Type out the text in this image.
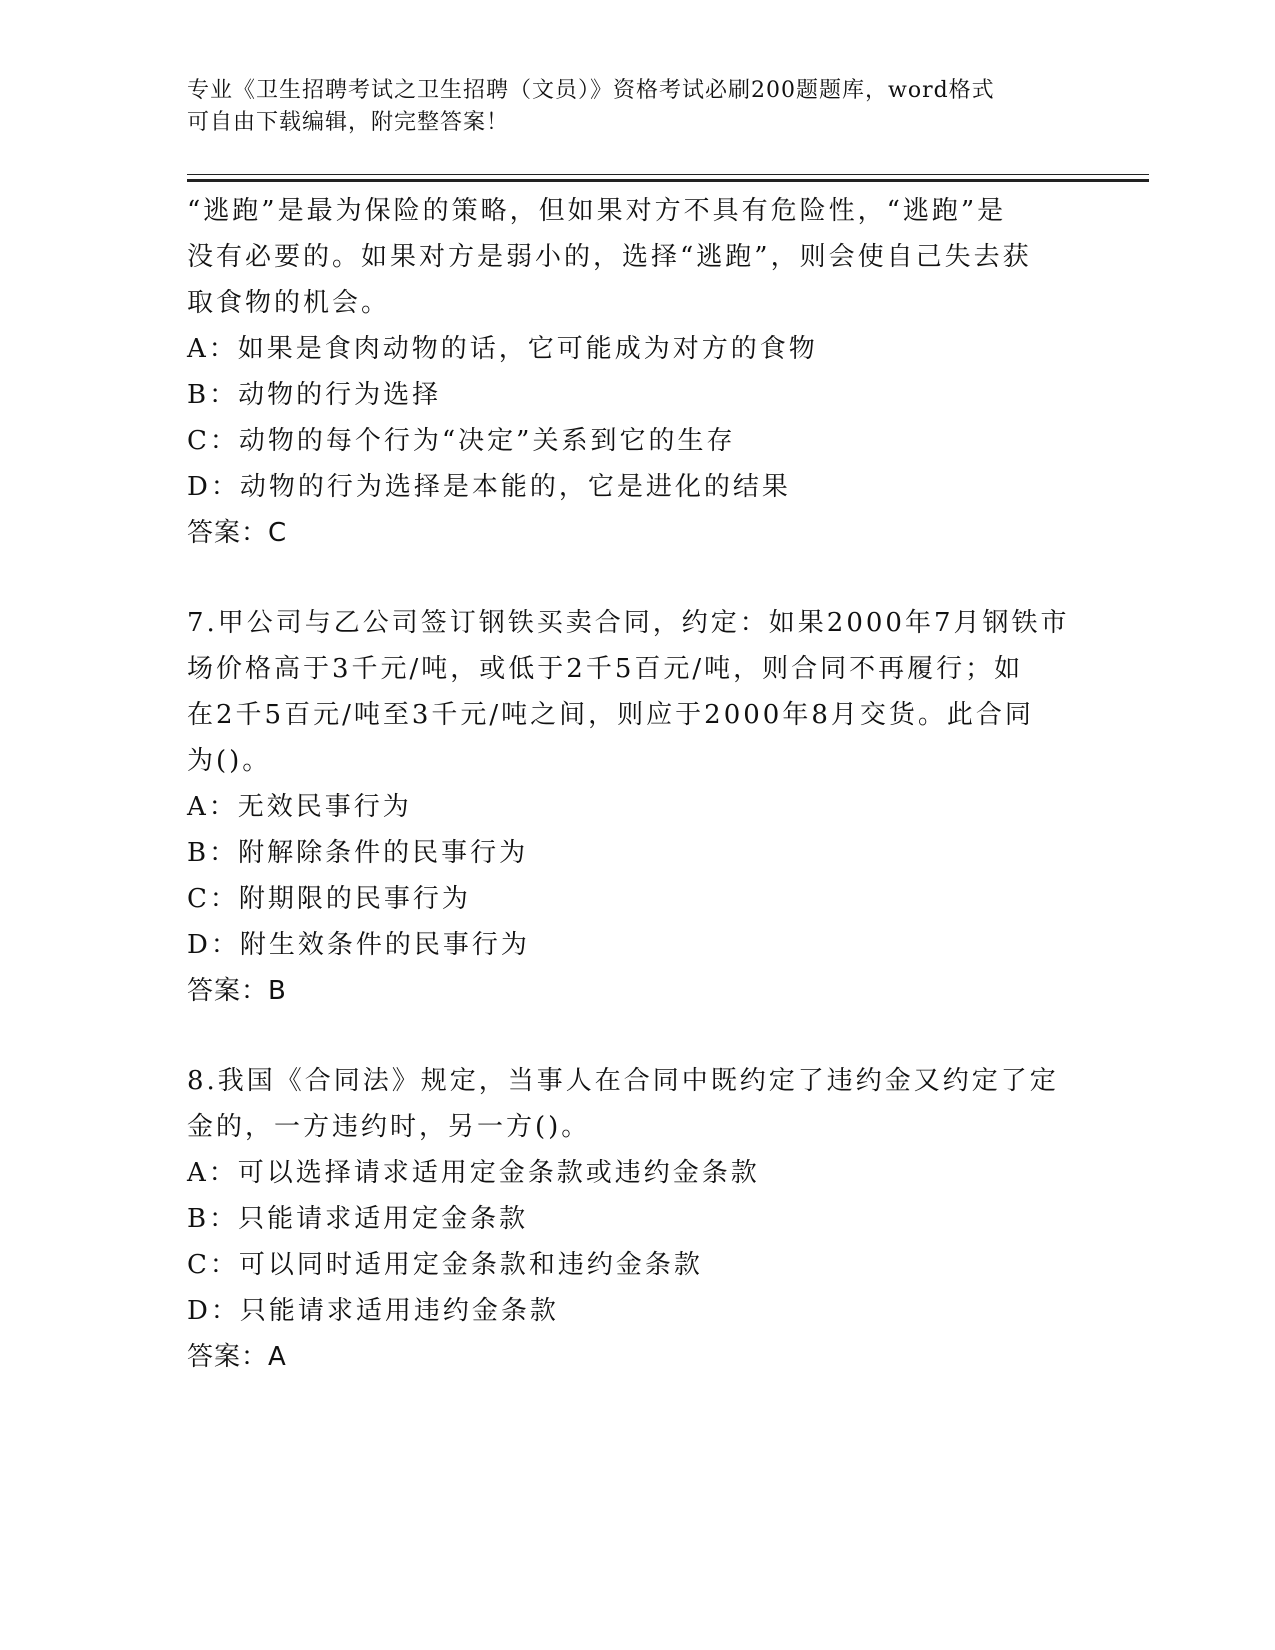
专业《卫生招聘考试之卫生招聘（文员）》资格考试必刷200题题库，word格式
可自由下载编辑，附完整答案！

“逃跑”是最为保险的策略，但如果对方不具有危险性，“逃跑”是

没有必要的。如果对方是弱小的，选择“逃跑”，则会使自己失去获

取食物的机会。

A：如果是食肉动物的话，它可能成为对方的食物

B：动物的行为选择

C：动物的每个行为“决定”关系到它的生存

D：动物的行为选择是本能的，它是进化的结果

答案：C

7.甲公司与乙公司签订钢铁买卖合同，约定：如果2000年7月钢铁市

场价格高于3千元/吨，或低于2千5百元/吨，则合同不再履行；如

在2千5百元/吨至3千元/吨之间，则应于2000年8月交货。此合同

为()。

A：无效民事行为

B：附解除条件的民事行为

C：附期限的民事行为

D：附生效条件的民事行为

答案：B

8.我国《合同法》规定，当事人在合同中既约定了违约金又约定了定

金的，一方违约时，另一方()。

A：可以选择请求适用定金条款或违约金条款

B：只能请求适用定金条款

C：可以同时适用定金条款和违约金条款

D：只能请求适用违约金条款

答案：A
